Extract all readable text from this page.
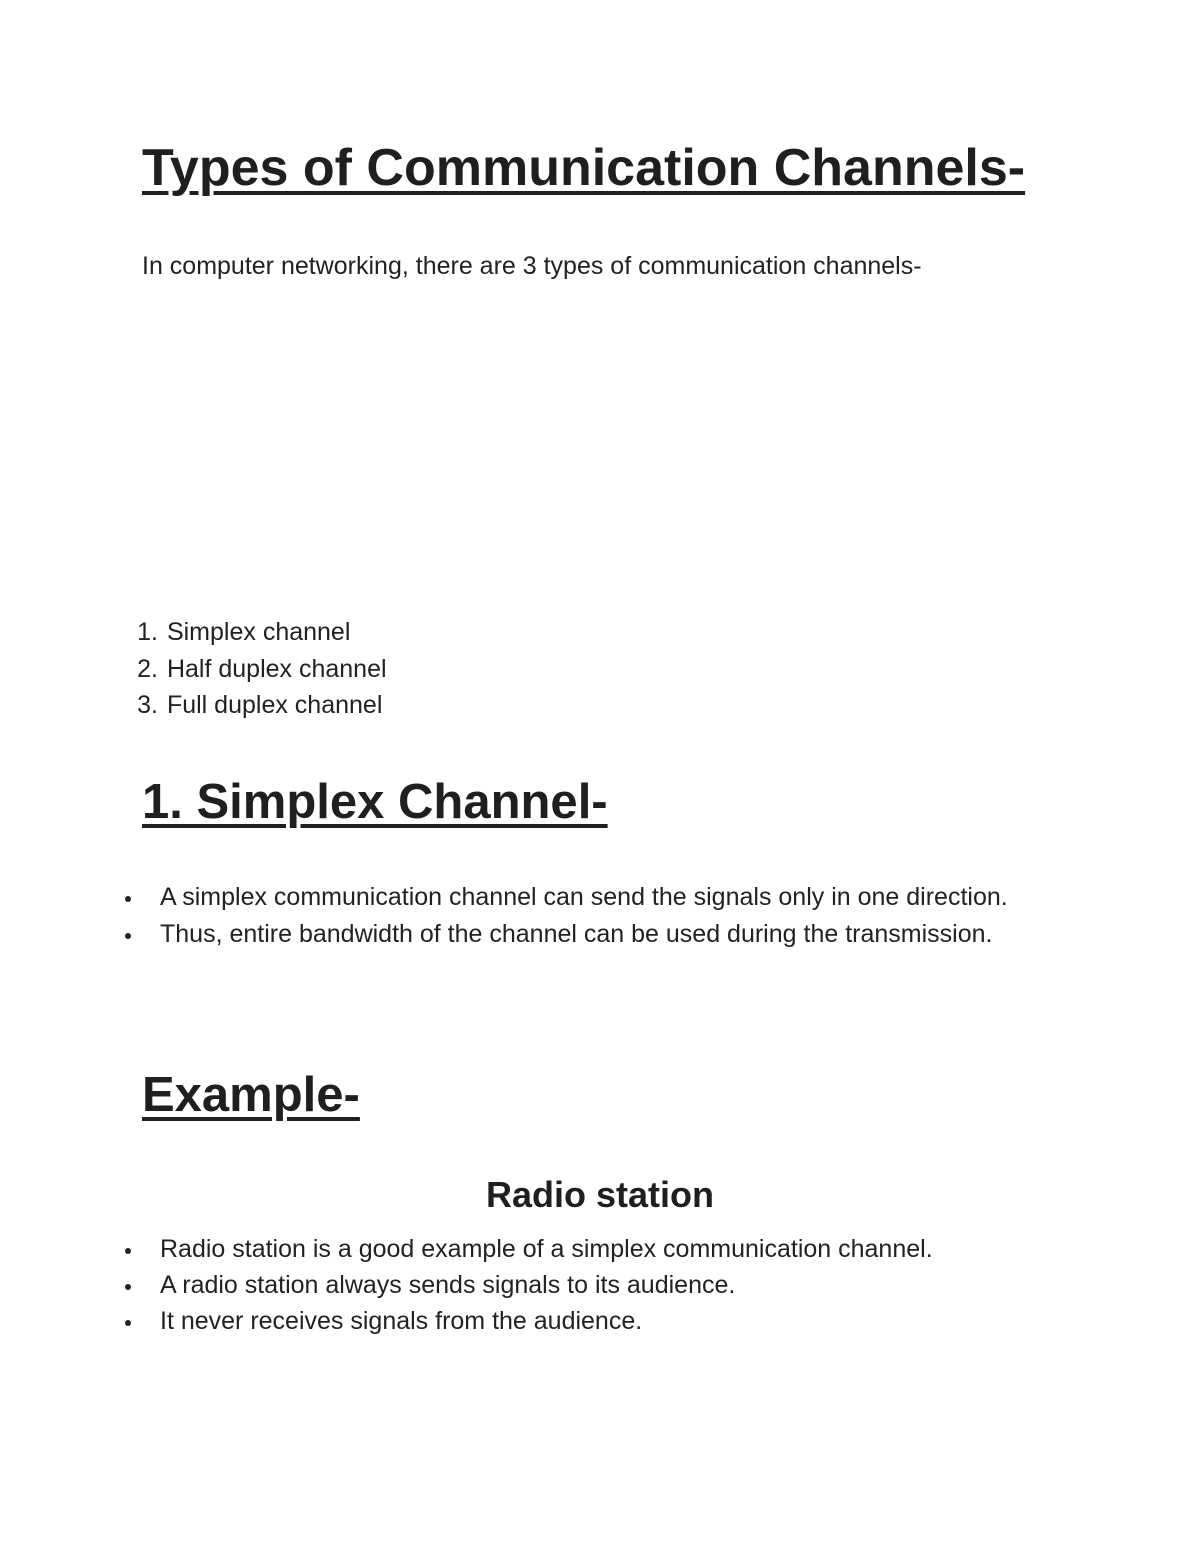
Types of Communication Channels-

In computer networking, there are 3 types of communication channels-

1. Simplex channel
2. Half duplex channel
3. Full duplex channel
1. Simplex Channel-
A simplex communication channel can send the signals only in one direction.
Thus, entire bandwidth of the channel can be used during the transmission.
Example-
Radio station
Radio station is a good example of a simplex communication channel.
A radio station always sends signals to its audience.
It never receives signals from the audience.
